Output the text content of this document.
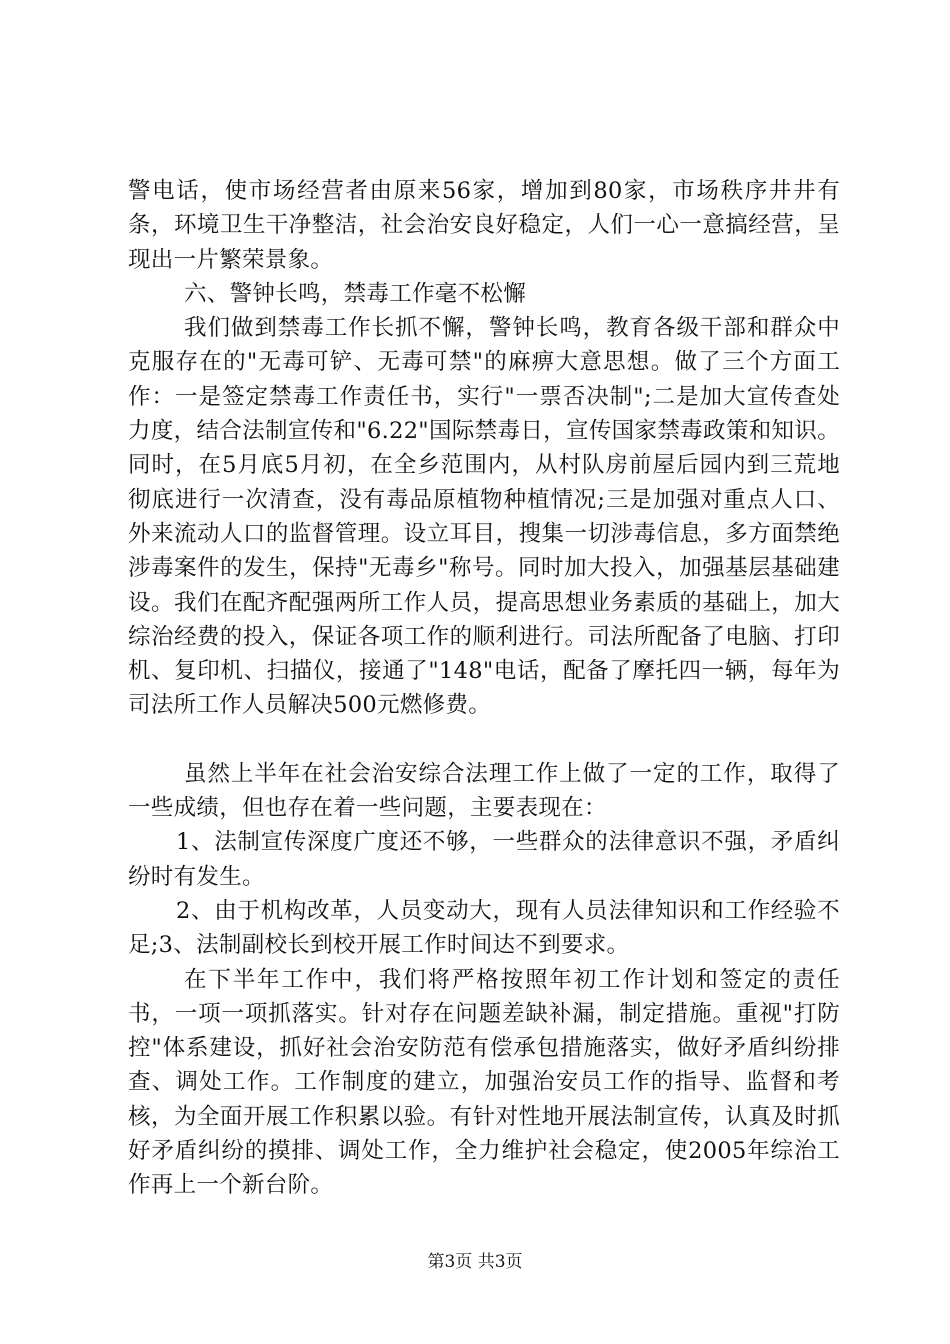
警电话，使市场经营者由原来56家，增加到80家，市场秩序井井有条，环境卫生干净整洁，社会治安良好稳定，人们一心一意搞经营，呈现出一片繁荣景象。

六、警钟长鸣，禁毒工作毫不松懈

我们做到禁毒工作长抓不懈，警钟长鸣，教育各级干部和群众中克服存在的"无毒可铲、无毒可禁"的麻痹大意思想。做了三个方面工作：一是签定禁毒工作责任书，实行"一票否决制";二是加大宣传查处力度，结合法制宣传和"6.22"国际禁毒日，宣传国家禁毒政策和知识。同时，在5月底5月初，在全乡范围内，从村队房前屋后园内到三荒地彻底进行一次清查，没有毒品原植物种植情况;三是加强对重点人口、外来流动人口的监督管理。设立耳目，搜集一切涉毒信息，多方面禁绝涉毒案件的发生，保持"无毒乡"称号。同时加大投入，加强基层基础建设。我们在配齐配强两所工作人员，提高思想业务素质的基础上，加大综治经费的投入，保证各项工作的顺利进行。司法所配备了电脑、打印机、复印机、扫描仪，接通了"148"电话，配备了摩托四一辆，每年为司法所工作人员解决500元燃修费。

虽然上半年在社会治安综合法理工作上做了一定的工作，取得了一些成绩，但也存在着一些问题，主要表现在：

1、法制宣传深度广度还不够，一些群众的法律意识不强，矛盾纠纷时有发生。

2、由于机构改革，人员变动大，现有人员法律知识和工作经验不足;3、法制副校长到校开展工作时间达不到要求。

在下半年工作中，我们将严格按照年初工作计划和签定的责任书，一项一项抓落实。针对存在问题差缺补漏，制定措施。重视"打防控"体系建设，抓好社会治安防范有偿承包措施落实，做好矛盾纠纷排查、调处工作。工作制度的建立，加强治安员工作的指导、监督和考核，为全面开展工作积累以验。有针对性地开展法制宣传，认真及时抓好矛盾纠纷的摸排、调处工作，全力维护社会稳定，使2005年综治工作再上一个新台阶。

第3页 共3页
